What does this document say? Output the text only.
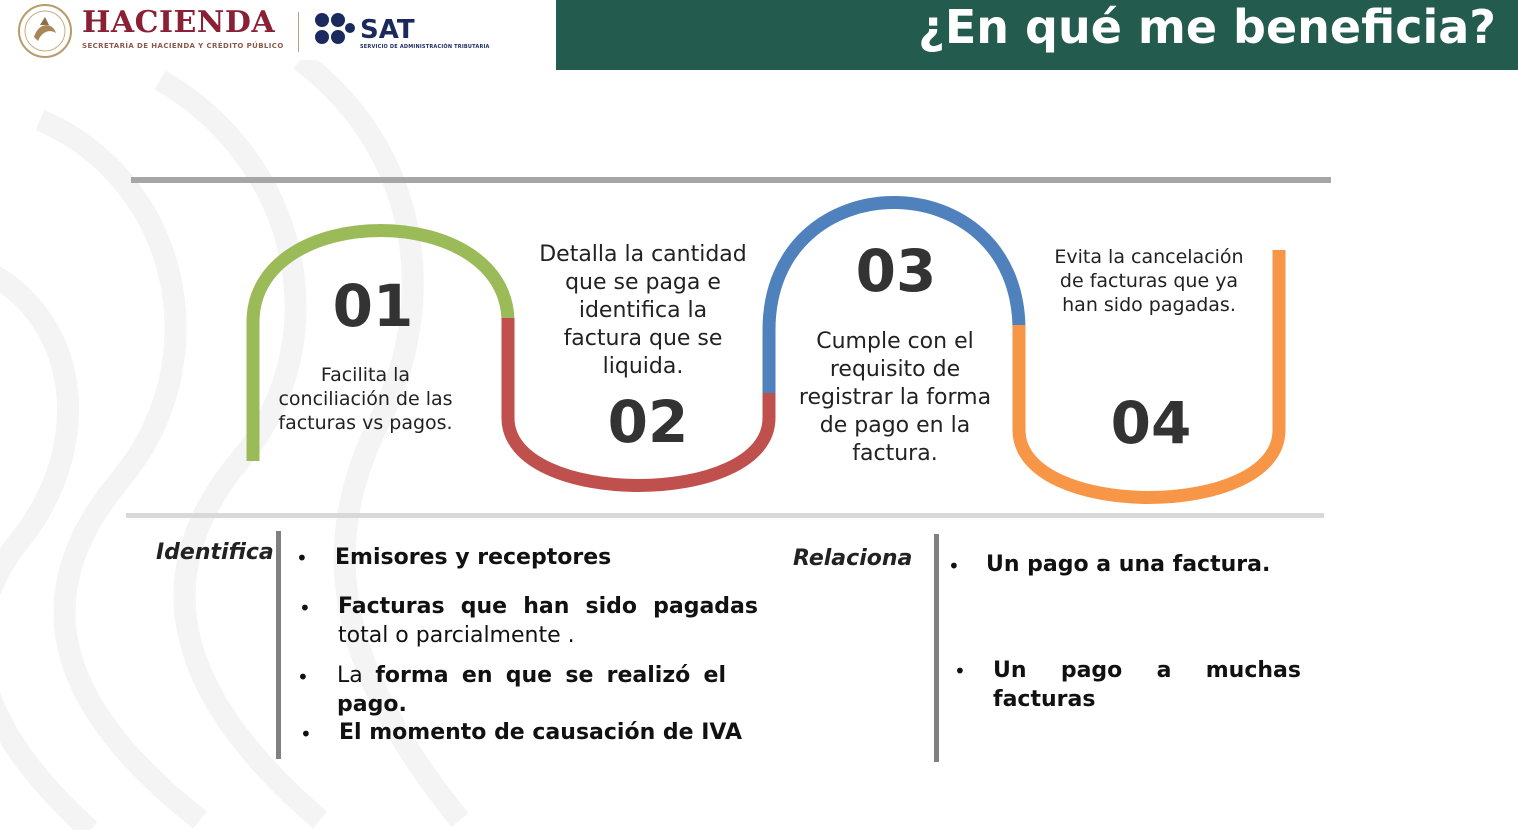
HACIENDA
SECRETARÍA DE HACIENDA Y CRÉDITO PÚBLICO
SAT
SERVICIO DE ADMINISTRACIÓN TRIBUTARIA	¿En qué me beneficia?
01
02
03
04
Facilita la conciliación de las facturas vs pagos.
Detalla la cantidad que se paga e identifica la factura que se liquida.
Cumple con el requisito de registrar la forma de pago en la factura.
Evita la cancelación de facturas que ya han sido pagadas.
Identifica • Emisores y receptores
• Facturas que han sido pagadas
total o parcialmente .
• La forma en que se realizó el
pago.
• El momento de causación de IVA
Relaciona • Un pago a una factura.
• Un pago a muchas
facturas
